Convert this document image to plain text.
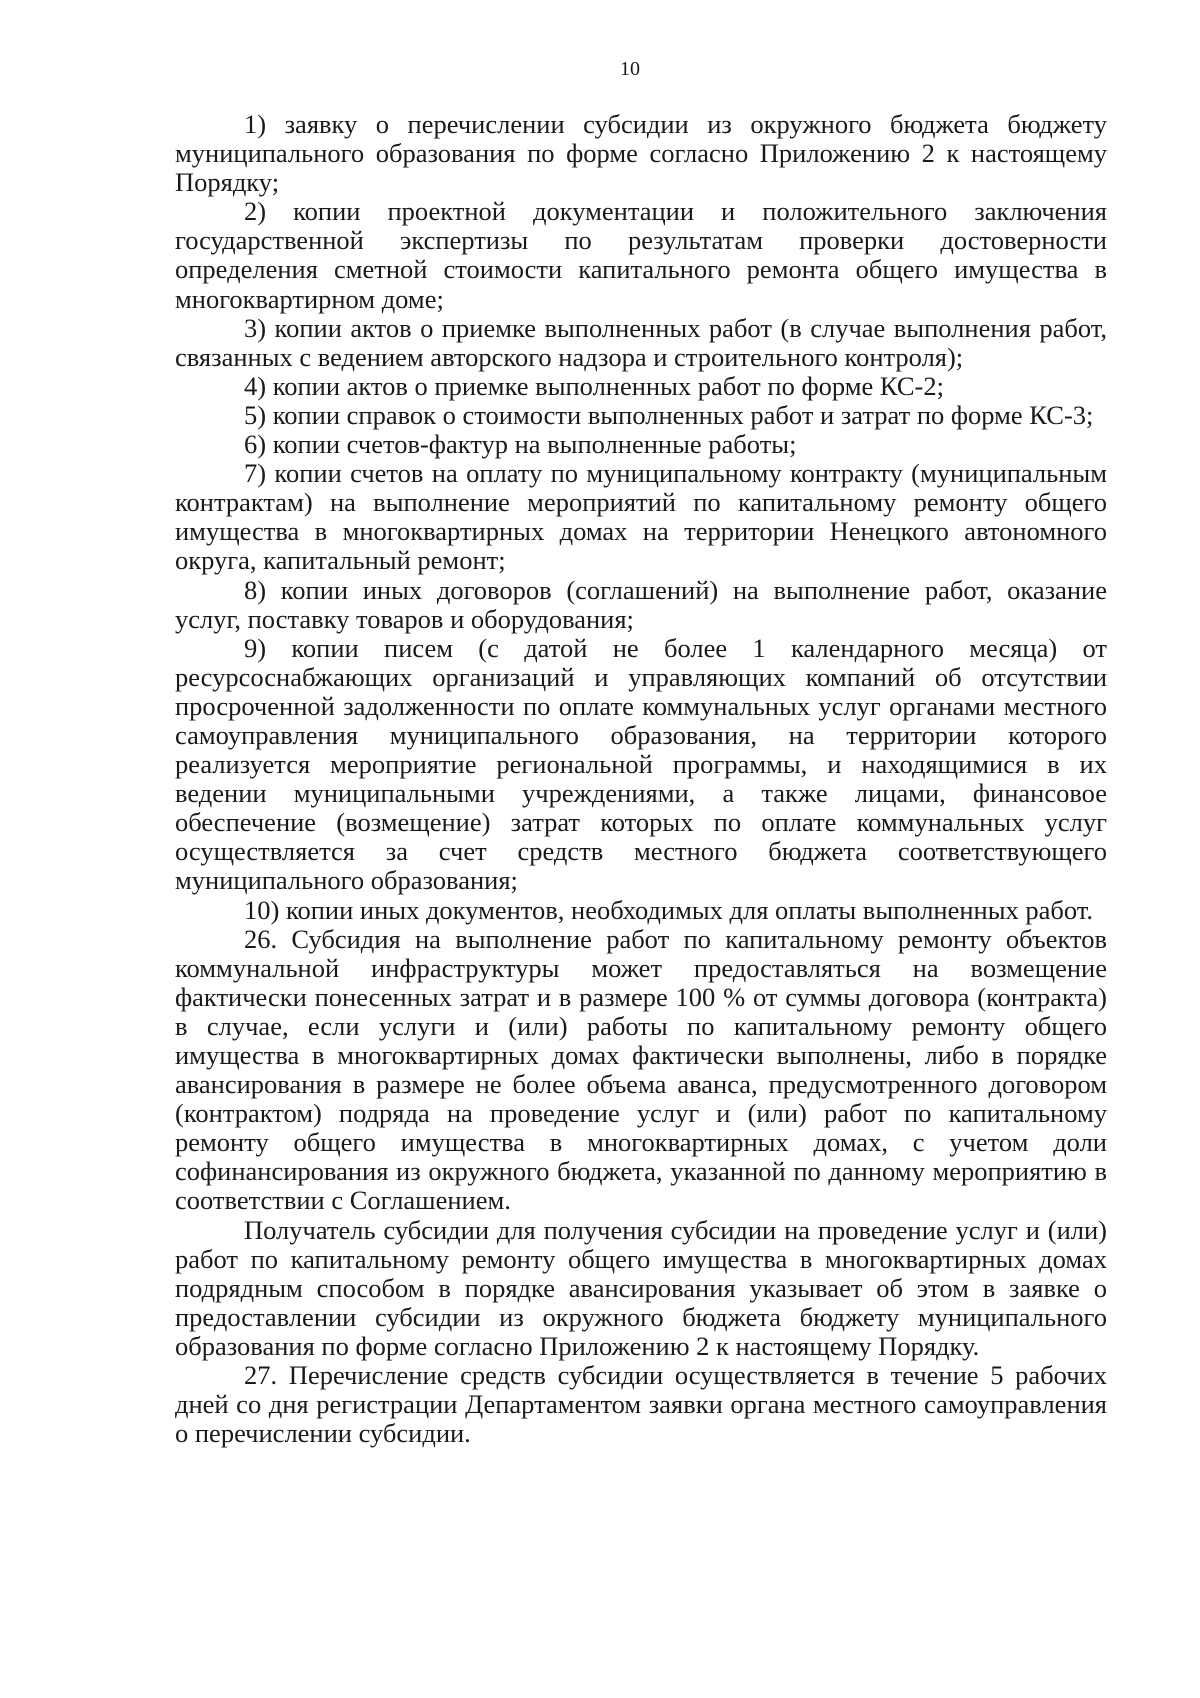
10

1) заявку о перечислении субсидии из окружного бюджета бюджету муниципального образования по форме согласно Приложению 2 к настоящему Порядку;

2) копии проектной документации и положительного заключения государственной экспертизы по результатам проверки достоверности определения сметной стоимости капитального ремонта общего имущества в многоквартирном доме;

3) копии актов о приемке выполненных работ (в случае выполнения работ, связанных с ведением авторского надзора и строительного контроля);

4) копии актов о приемке выполненных работ по форме КС-2;

5) копии справок о стоимости выполненных работ и затрат по форме КС-3;

6) копии счетов-фактур на выполненные работы;

7) копии счетов на оплату по муниципальному контракту (муниципальным контрактам) на выполнение мероприятий по капитальному ремонту общего имущества в многоквартирных домах на территории Ненецкого автономного округа, капитальный ремонт;

8) копии иных договоров (соглашений) на выполнение работ, оказание услуг, поставку товаров и оборудования;

9) копии писем (с датой не более 1 календарного месяца) от ресурсоснабжающих организаций и управляющих компаний об отсутствии просроченной задолженности по оплате коммунальных услуг органами местного самоуправления муниципального образования, на территории которого реализуется мероприятие региональной программы, и находящимися в их ведении муниципальными учреждениями, а также лицами, финансовое обеспечение (возмещение) затрат которых по оплате коммунальных услуг осуществляется за счет средств местного бюджета соответствующего муниципального образования;

10) копии иных документов, необходимых для оплаты выполненных работ.

26. Субсидия на выполнение работ по капитальному ремонту объектов коммунальной инфраструктуры может предоставляться на возмещение фактически понесенных затрат и в размере 100 % от суммы договора (контракта) в случае, если услуги и (или) работы по капитальному ремонту общего имущества в многоквартирных домах фактически выполнены, либо в порядке авансирования в размере не более объема аванса, предусмотренного договором (контрактом) подряда на проведение услуг и (или) работ по капитальному ремонту общего имущества в многоквартирных домах, с учетом доли софинансирования из окружного бюджета, указанной по данному мероприятию в соответствии с Соглашением.

Получатель субсидии для получения субсидии на проведение услуг и (или) работ по капитальному ремонту общего имущества в многоквартирных домах подрядным способом в порядке авансирования указывает об этом в заявке о предоставлении субсидии из окружного бюджета бюджету муниципального образования по форме согласно Приложению 2 к настоящему Порядку.

27. Перечисление средств субсидии осуществляется в течение 5 рабочих дней со дня регистрации Департаментом заявки органа местного самоуправления о перечислении субсидии.
